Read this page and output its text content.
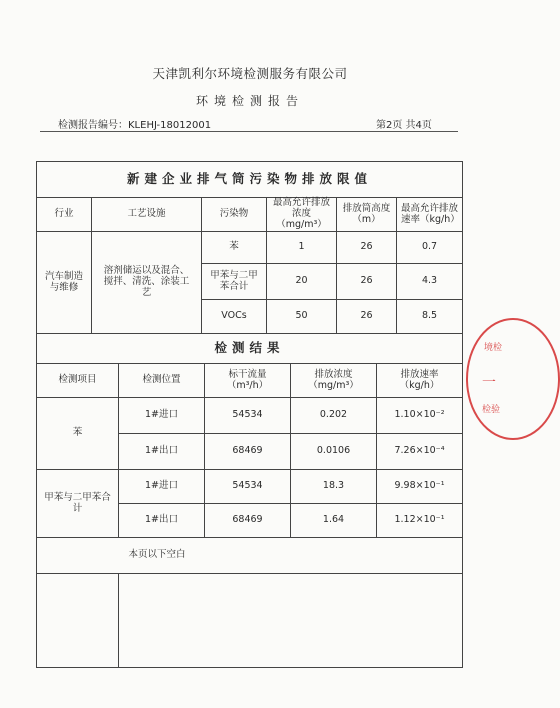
天津凯利尔环境检测服务有限公司
环境检测报告
检测报告编号：KLEHJ-18012001	第2页 共4页
新建企业排气筒污染物排放限值					
行业	工艺设施	污染物	最高允许排放浓度（mg/m³）	排放筒高度（m）	最高允许排放速率（kg/h）
汽车制造与维修	溶剂储运以及混合、搅拌、清洗、涂装工艺	苯	1	26	0.7
		甲苯与二甲苯合计	20	26	4.3
		VOCs	50	26	8.5
检测结果					
检测项目	检测位置	标干流量（m³/h）	排放浓度（mg/m³）	排放速率（kg/h）
苯	1#进口	54534	0.202	1.10×10⁻²
	1#出口	68469	0.0106	7.26×10⁻⁴
甲苯与二甲苯合计	1#进口	54534	18.3	9.98×10⁻¹
	1#出口	68469	1.64	1.12×10⁻¹
	本页以下空白			

境检
一
检验
